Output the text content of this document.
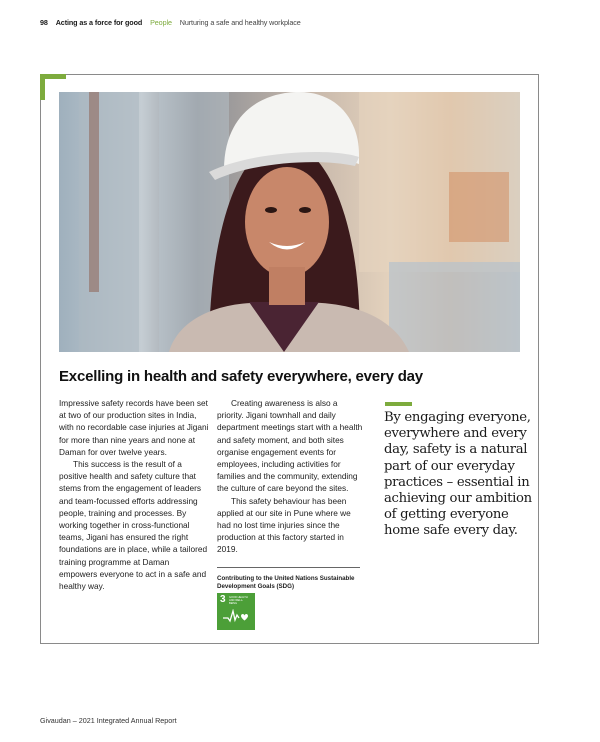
98 Acting as a force for good People Nurturing a safe and healthy workplace
Excelling in health and safety everywhere, every day

Impressive safety records have been set at two of our production sites in India, with no recordable case injuries at Jigani for more than nine years and none at Daman for over twelve years.

This success is the result of a positive health and safety culture that stems from the engagement of leaders and team-focussed efforts addressing people, training and processes. By working together in cross-functional teams, Jigani has ensured the right foundations are in place, while a tailored training programme at Daman empowers everyone to act in a safe and healthy way.

Creating awareness is also a priority. Jigani townhall and daily department meetings start with a health and safety moment, and both sites organise engagement events for employees, including activities for families and the community, extending the culture of care beyond the sites.

This safety behaviour has been applied at our site in Pune where we had no lost time injuries since the production at this factory started in 2019.

Contributing to the United Nations Sustainable Development Goals (SDG)
3 GOOD HEALTH AND WELL-BEING
By engaging everyone, everywhere and every day, safety is a natural part of our everyday practices – essential in achieving our ambition of getting everyone home safe every day.
Givaudan – 2021 Integrated Annual Report
